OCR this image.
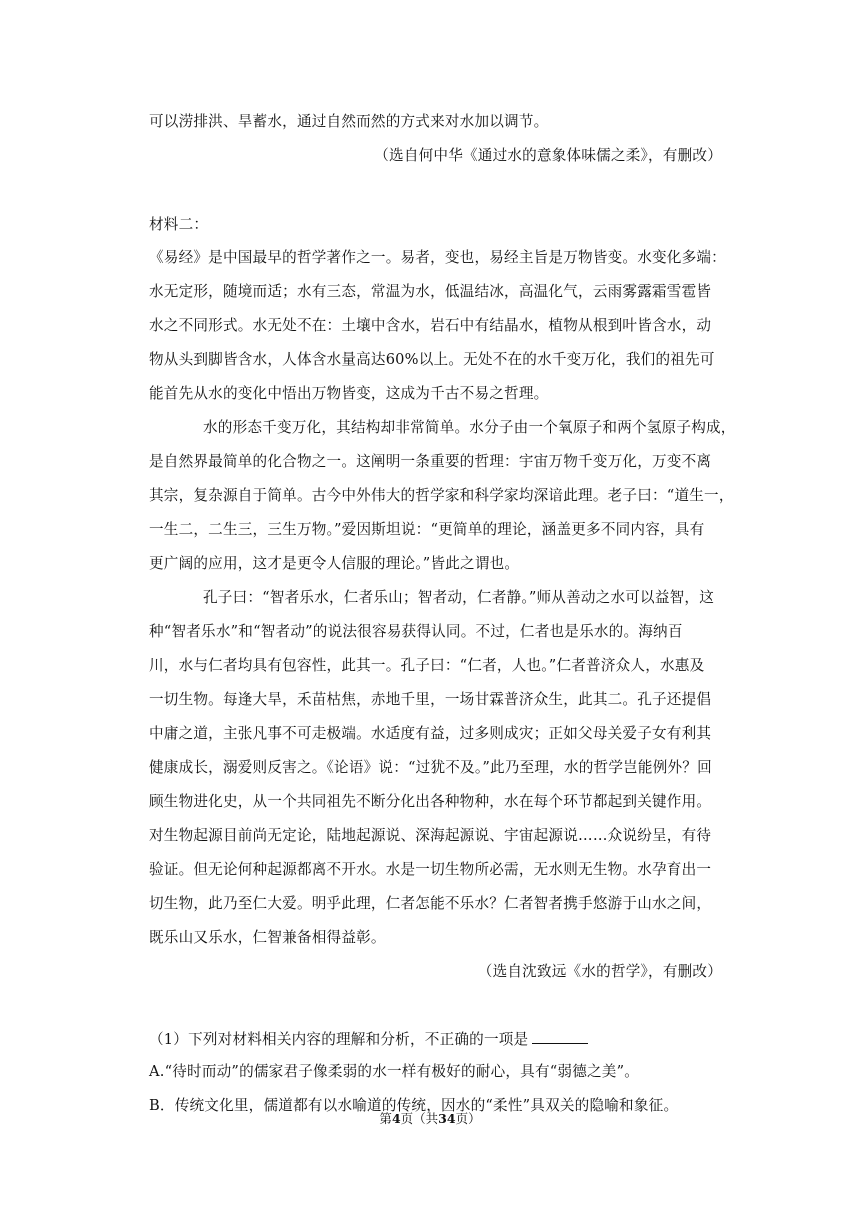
可以涝排洪、旱蓄水，通过自然而然的方式来对水加以调节。
（选自何中华《通过水的意象体味儒之柔》，有删改）
材料二：
《易经》是中国最早的哲学著作之一。易者，变也，易经主旨是万物皆变。水变化多端：
水无定形，随境而适；水有三态，常温为水，低温结冰，高温化气，云雨雾露霜雪雹皆
水之不同形式。水无处不在：土壤中含水，岩石中有结晶水，植物从根到叶皆含水，动
物从头到脚皆含水，人体含水量高达60%以上。无处不在的水千变万化，我们的祖先可
能首先从水的变化中悟出万物皆变，这成为千古不易之哲理。
水的形态千变万化，其结构却非常简单。水分子由一个氧原子和两个氢原子构成，
是自然界最简单的化合物之一。这阐明一条重要的哲理：宇宙万物千变万化，万变不离
其宗，复杂源自于简单。古今中外伟大的哲学家和科学家均深谙此理。老子曰：“道生一，
一生二，二生三，三生万物。”爱因斯坦说：“更简单的理论，涵盖更多不同内容，具有
更广阔的应用，这才是更令人信服的理论。”皆此之谓也。
孔子曰：“智者乐水，仁者乐山；智者动，仁者静。”师从善动之水可以益智，这
种“智者乐水”和“智者动”的说法很容易获得认同。不过，仁者也是乐水的。海纳百
川，水与仁者均具有包容性，此其一。孔子曰：“仁者，人也。”仁者普济众人，水惠及
一切生物。每逢大旱，禾苗枯焦，赤地千里，一场甘霖普济众生，此其二。孔子还提倡
中庸之道，主张凡事不可走极端。水适度有益，过多则成灾；正如父母关爱子女有利其
健康成长，溺爱则反害之。《论语》说：“过犹不及。”此乃至理，水的哲学岂能例外？回
顾生物进化史，从一个共同祖先不断分化出各种物种，水在每个环节都起到关键作用。
对生物起源目前尚无定论，陆地起源说、深海起源说、宇宙起源说……众说纷呈，有待
验证。但无论何种起源都离不开水。水是一切生物所必需，无水则无生物。水孕育出一
切生物，此乃至仁大爱。明乎此理，仁者怎能不乐水？仁者智者携手悠游于山水之间，
既乐山又乐水，仁智兼备相得益彰。
（选自沈致远《水的哲学》，有删改）
（1）下列对材料相关内容的理解和分析，不正确的一项是
A.“待时而动”的儒家君子像柔弱的水一样有极好的耐心，具有“弱德之美”。
B．传统文化里，儒道都有以水喻道的传统，因水的“柔性”具双关的隐喻和象征。
第4页（共34页）
